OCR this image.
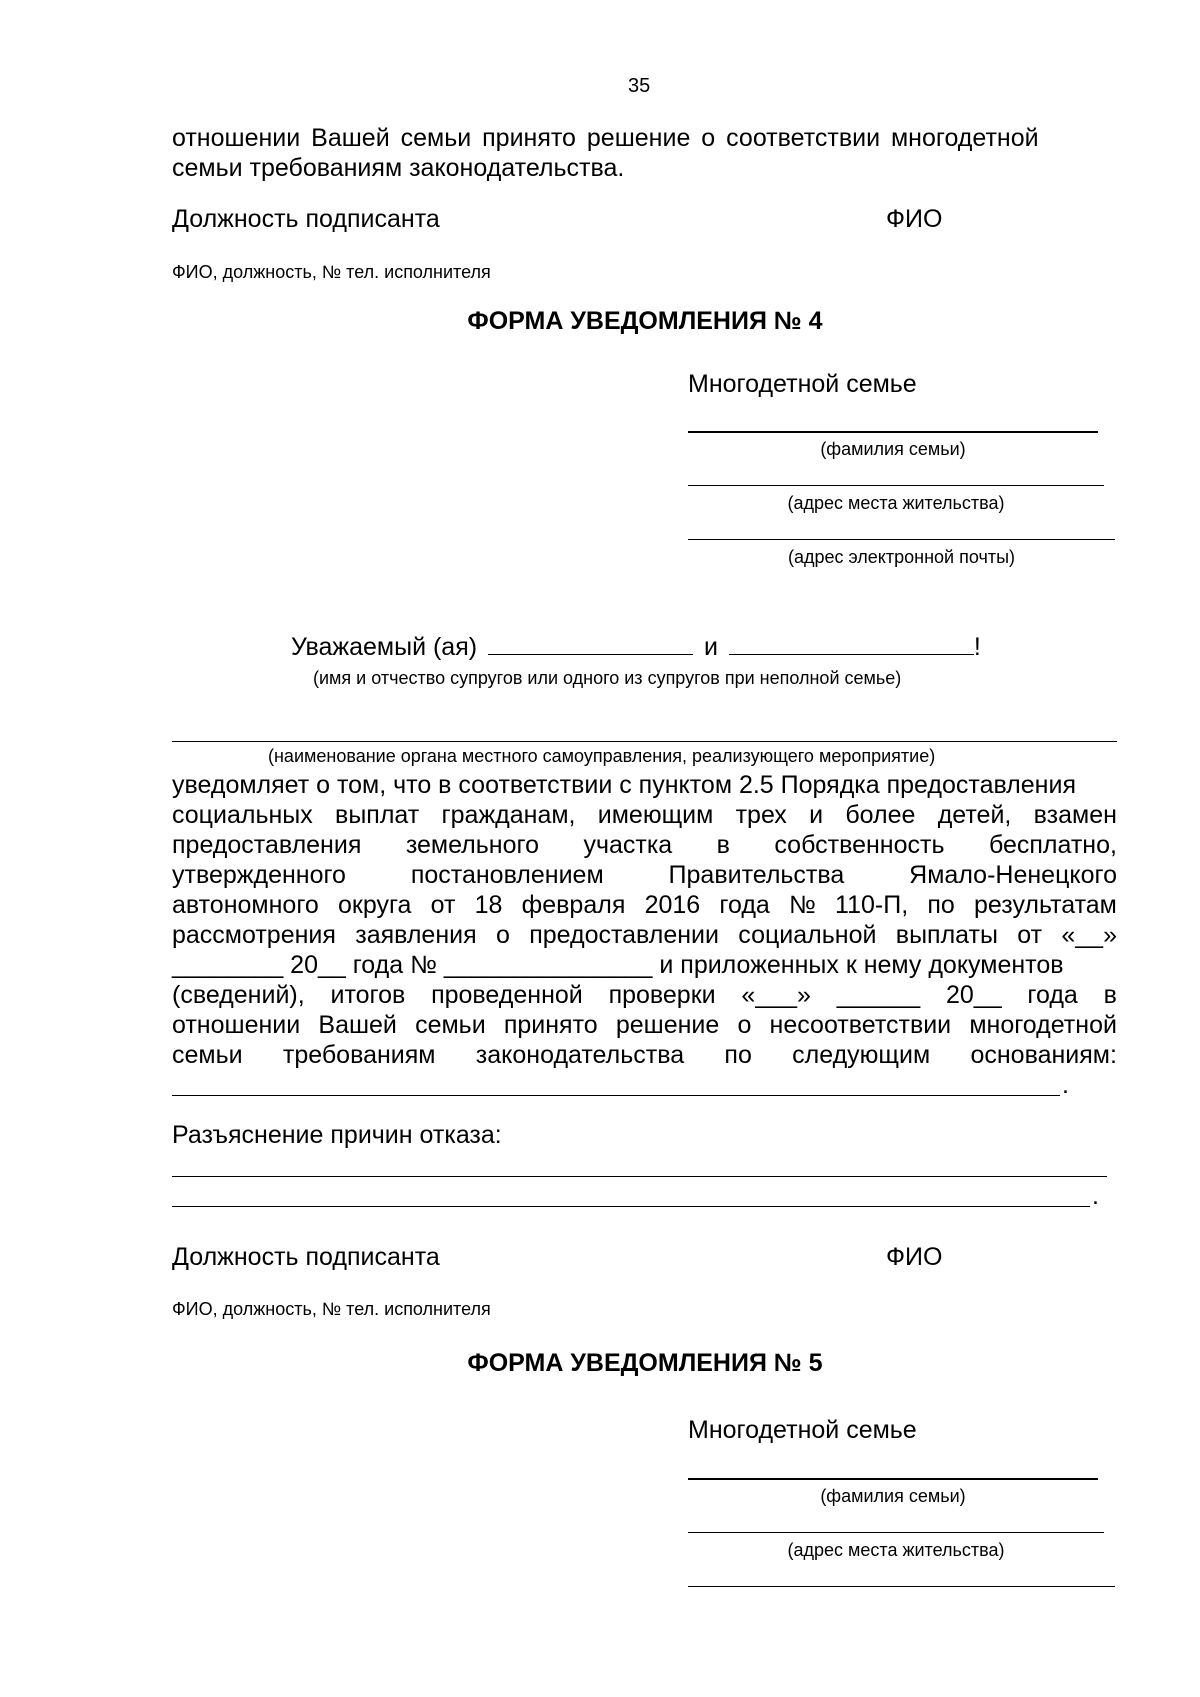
35
отношении Вашей семьи принято решение о соответствии многодетной
семьи требованиям законодательства.
Должность подписанта	ФИО
ФИО, должность, № тел. исполнителя
ФОРМА УВЕДОМЛЕНИЯ № 4
Многодетной семье
(фамилия семьи)
(адрес места жительства)
(адрес электронной почты)
Уважаемый (ая)	и	!
(имя и отчество супругов или одного из супругов при неполной семье)
(наименование органа местного самоуправления, реализующего мероприятие)
уведомляет о том, что в соответствии с пунктом 2.5 Порядка предоставления
социальных выплат гражданам, имеющим трех и более детей, взамен
предоставления земельного участка в собственность бесплатно,
утвержденного	постановлением	Правительства	Ямало-Ненецкого
автономного округа от 18 февраля 2016 года № 110-П, по результатам
рассмотрения заявления о предоставлении социальной выплаты от «__»
________ 20__ года № _______________ и приложенных к нему документов
(сведений), итогов проведенной проверки «___» ______ 20__ года в
отношении Вашей семьи принято решение о несоответствии многодетной
семьи требованиям законодательства по следующим основаниям:
.
Разъяснение причин отказа:
.
Должность подписанта	ФИО
ФИО, должность, № тел. исполнителя
ФОРМА УВЕДОМЛЕНИЯ № 5
Многодетной семье
(фамилия семьи)
(адрес места жительства)
